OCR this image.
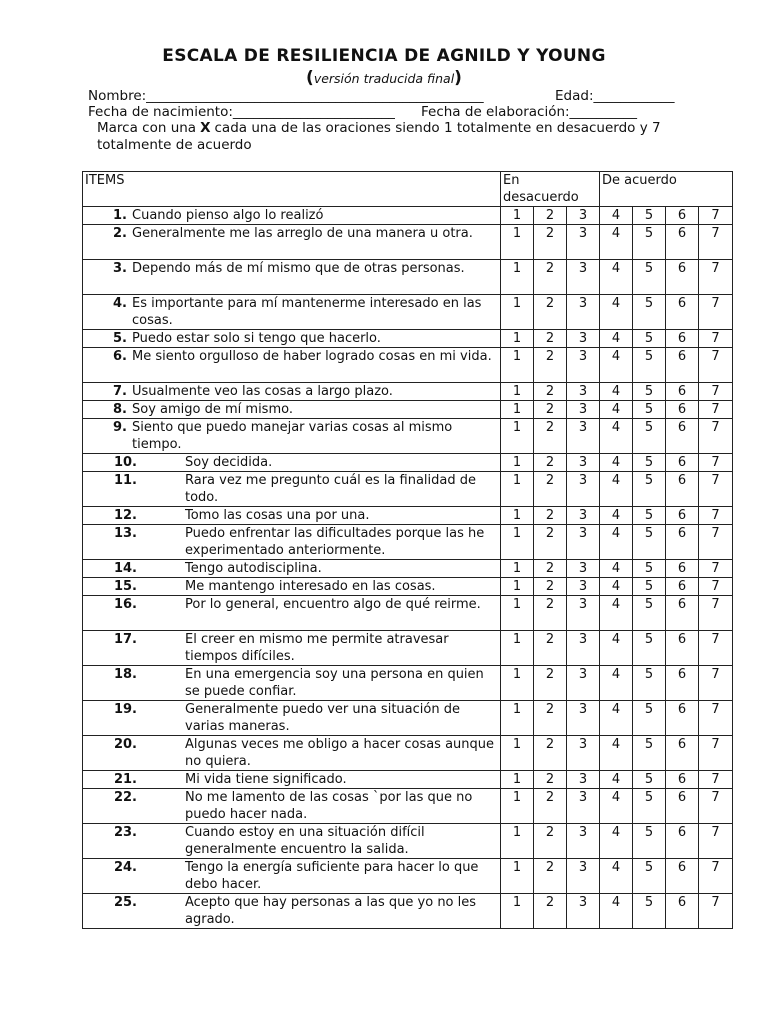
ESCALA DE RESILIENCIA DE AGNILD Y YOUNG
(versión traducida final)
Nombre:__________________________________________________	Edad:____________
Fecha de nacimiento:________________________ Fecha de elaboración:__________
Marca con una X cada una de las oraciones siendo 1 totalmente en desacuerdo y 7 totalmente de acuerdo
ITEMS	En desacuerdo			De acuerdo			

1. Cuando pienso algo lo realizó	1	2	3	4	5	6	7

2. Generalmente me las arreglo de una manera u otra.	1	2	3	4	5	6	7

3. Dependo más de mí mismo que de otras personas.	1	2	3	4	5	6	7

4. Es importante para mí mantenerme interesado en las cosas.	1	2	3	4	5	6	7

5. Puedo estar solo si tengo que hacerlo.	1	2	3	4	5	6	7

6. Me siento orgulloso de haber logrado cosas en mi vida.	1	2	3	4	5	6	7

7. Usualmente veo las cosas a largo plazo.	1	2	3	4	5	6	7

8. Soy amigo de mí mismo.	1	2	3	4	5	6	7

9. Siento que puedo manejar varias cosas al mismo tiempo.	1	2	3	4	5	6	7

10. Soy decidida.	1	2	3	4	5	6	7

11. Rara vez me pregunto cuál es la finalidad de todo.	1	2	3	4	5	6	7

12. Tomo las cosas una por una.	1	2	3	4	5	6	7

13. Puedo enfrentar las dificultades porque las he experimentado anteriormente.	1	2	3	4	5	6	7

14. Tengo autodisciplina.	1	2	3	4	5	6	7

15. Me mantengo interesado en las cosas.	1	2	3	4	5	6	7

16. Por lo general, encuentro algo de qué reirme.	1	2	3	4	5	6	7

17. El creer en mismo me permite atravesar tiempos difíciles.	1	2	3	4	5	6	7

18. En una emergencia soy una persona en quien se puede confiar.	1	2	3	4	5	6	7

19. Generalmente puedo ver una situación de varias maneras.	1	2	3	4	5	6	7

20. Algunas veces me obligo a hacer cosas aunque no quiera.	1	2	3	4	5	6	7

21. Mi vida tiene significado.	1	2	3	4	5	6	7

22. No me lamento de las cosas `por las que no puedo hacer nada.	1	2	3	4	5	6	7

23. Cuando estoy en una situación difícil generalmente encuentro la salida.	1	2	3	4	5	6	7

24. Tengo la energía suficiente para hacer lo que debo hacer.	1	2	3	4	5	6	7

25. Acepto que hay personas a las que yo no les agrado.	1	2	3	4	5	6	7
